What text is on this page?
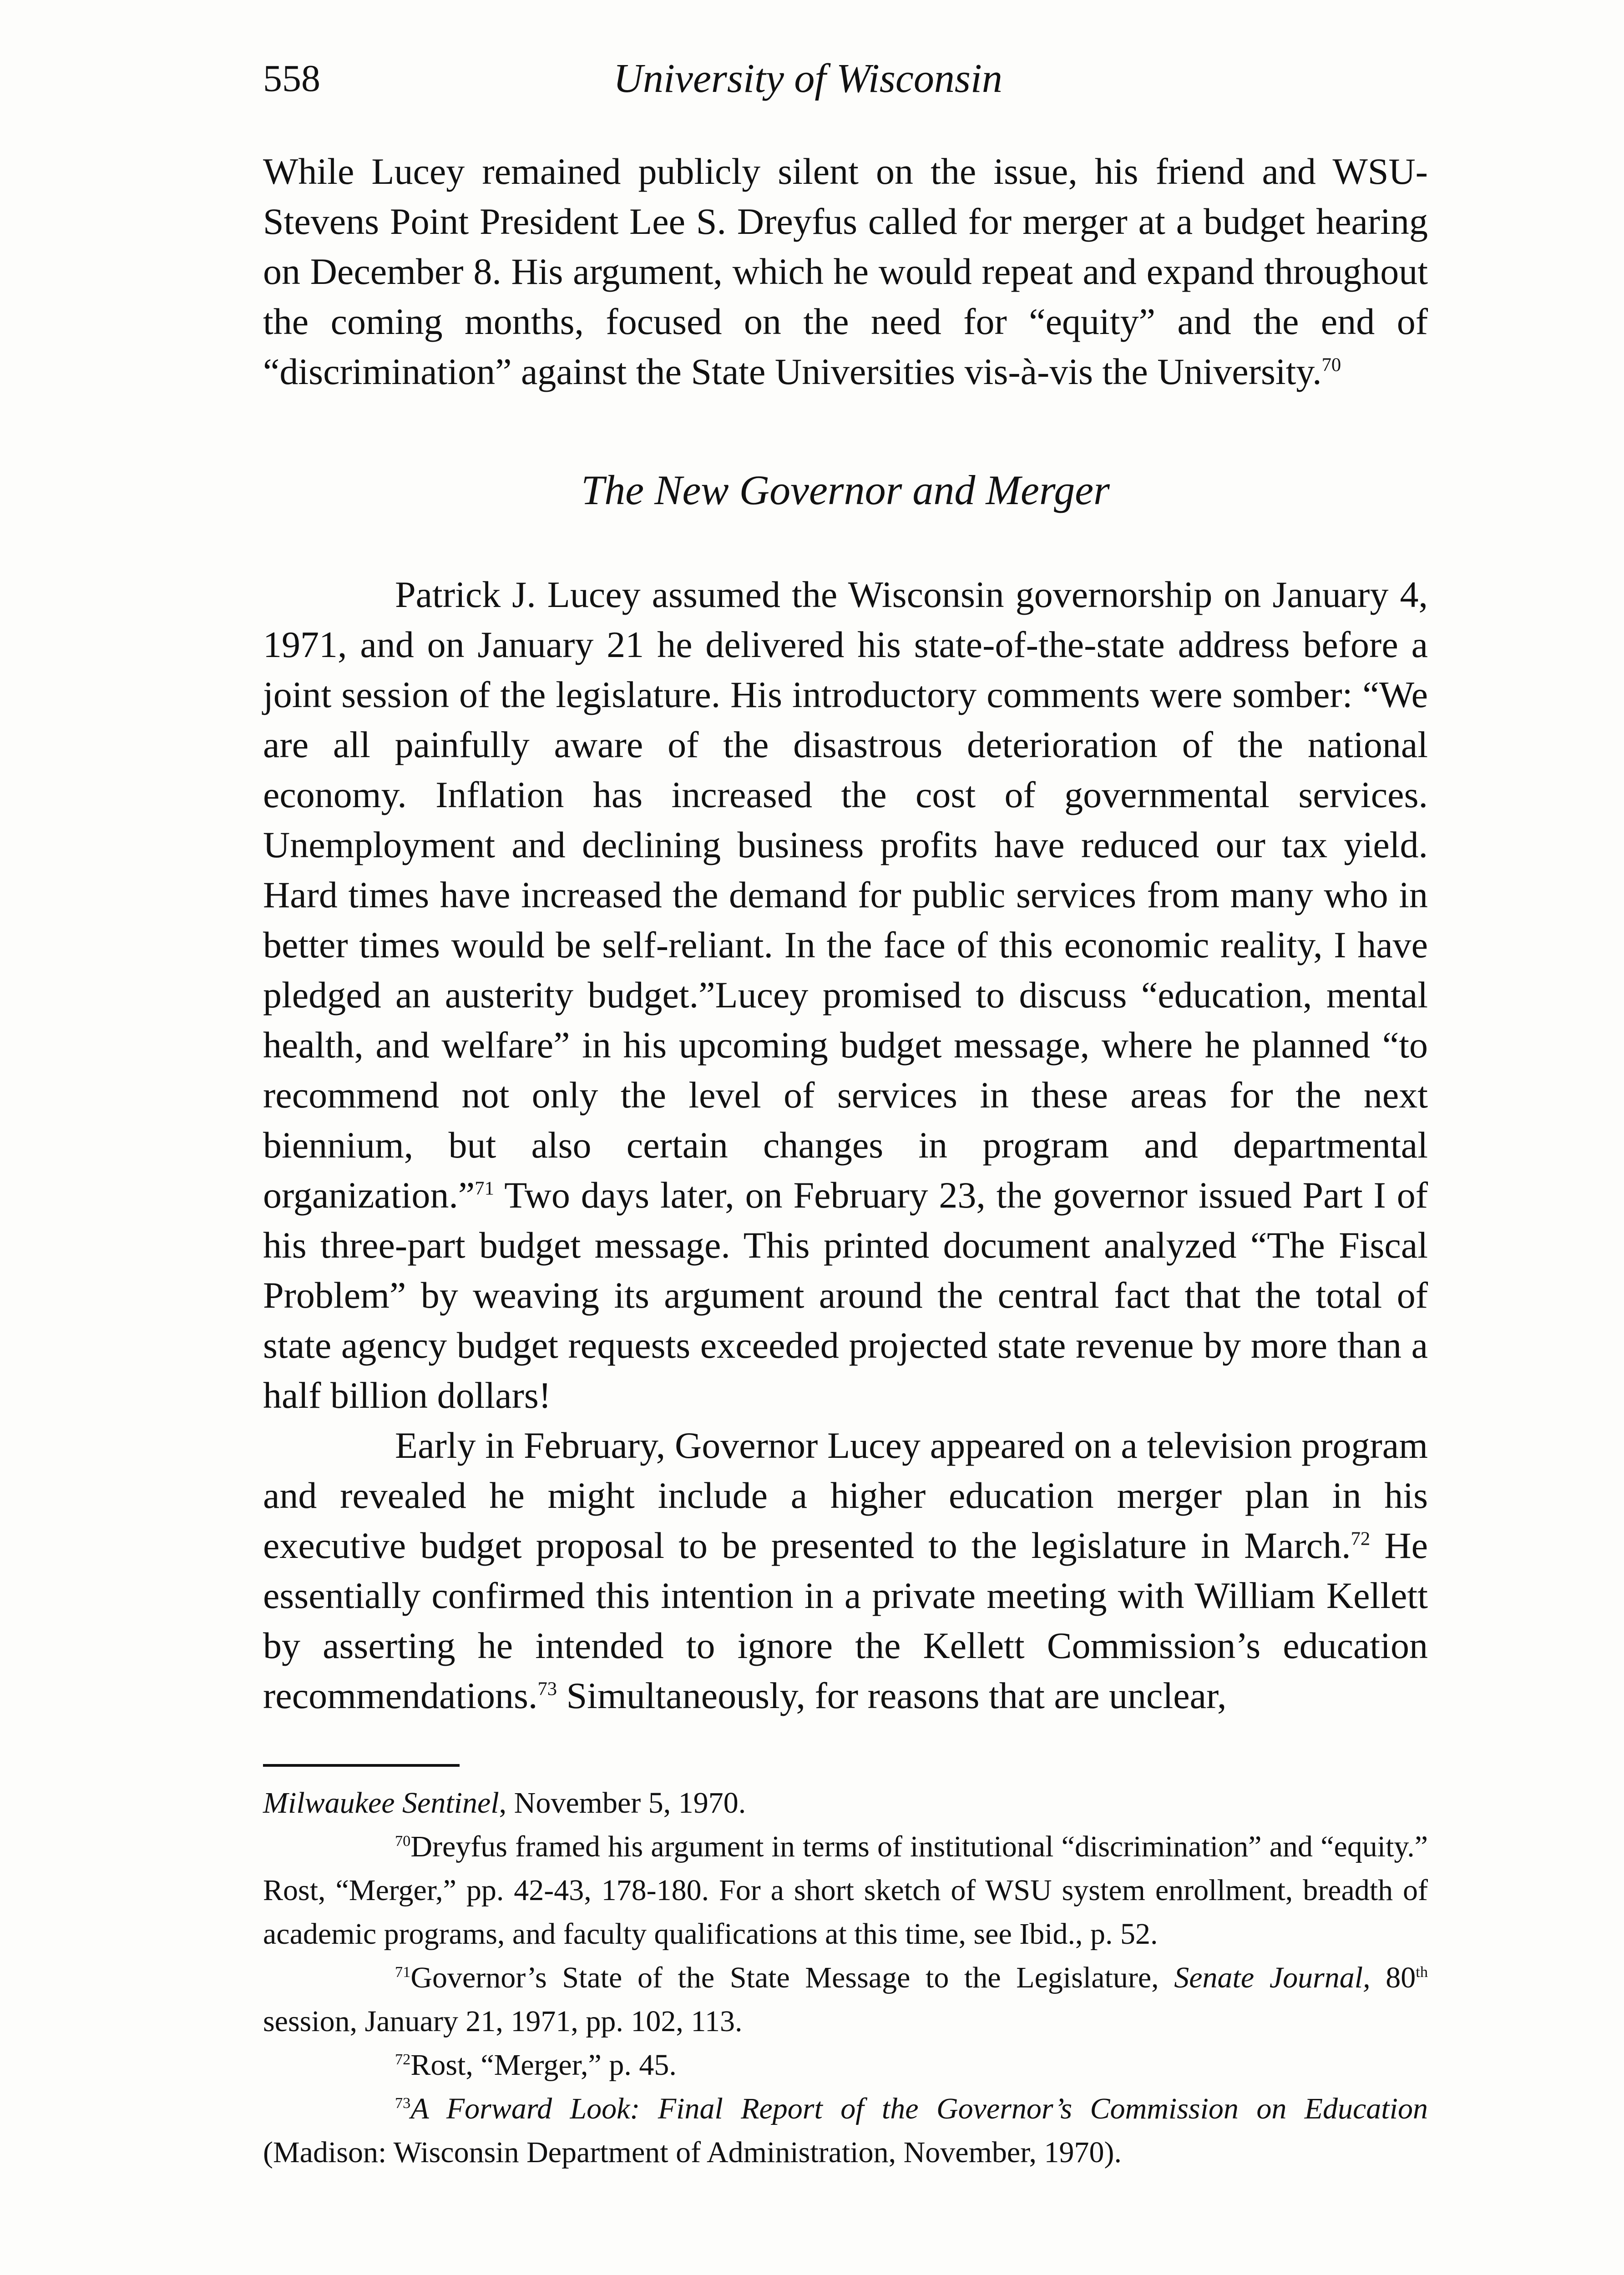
558	University of Wisconsin

While Lucey remained publicly silent on the issue, his friend and WSU-Stevens Point President Lee S. Dreyfus called for merger at a budget hearing on December 8. His argument, which he would repeat and expand throughout the coming months, focused on the need for “equity” and the end of “discrimination” against the State Universities vis-à-vis the University.$^{70}$

The New Governor and Merger

Patrick J. Lucey assumed the Wisconsin governorship on January 4, 1971, and on January 21 he delivered his state-of-the-state address before a joint session of the legislature. His introductory comments were somber: “We are all painfully aware of the disastrous deterioration of the national economy. Inflation has increased the cost of governmental services. Unemployment and declining business profits have reduced our tax yield. Hard times have increased the demand for public services from many who in better times would be self-reliant. In the face of this economic reality, I have pledged an austerity budget.”Lucey promised to discuss “education, mental health, and welfare” in his upcoming budget message, where he planned “to recommend not only the level of services in these areas for the next biennium, but also certain changes in program and departmental organization.”$^{71}$ Two days later, on February 23, the governor issued Part I of his three-part budget message. This printed document analyzed “The Fiscal Problem” by weaving its argument around the central fact that the total of state agency budget requests exceeded projected state revenue by more than a half billion dollars!

Early in February, Governor Lucey appeared on a television program and revealed he might include a higher education merger plan in his executive budget proposal to be presented to the legislature in March.$^{72}$ He essentially confirmed this intention in a private meeting with William Kellett by asserting he intended to ignore the Kellett Commission’s education recommendations.$^{73}$ Simultaneously, for reasons that are unclear,

Milwaukee Sentinel, November 5, 1970.

$^{70}$Dreyfus framed his argument in terms of institutional “discrimination” and “equity.” Rost, “Merger,” pp. 42-43, 178-180. For a short sketch of WSU system enrollment, breadth of academic programs, and faculty qualifications at this time, see Ibid., p. 52.

$^{71}$Governor’s State of the State Message to the Legislature, Senate Journal, 80th session, January 21, 1971, pp. 102, 113.

$^{72}$Rost, “Merger,” p. 45.

$^{73}$A Forward Look: Final Report of the Governor’s Commission on Education (Madison: Wisconsin Department of Administration, November, 1970).
